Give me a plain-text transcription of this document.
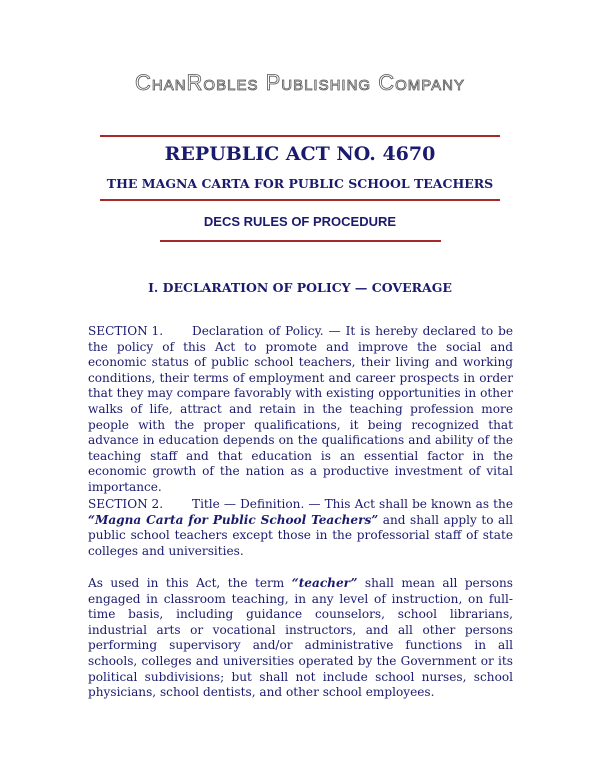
ChanRobles Publishing Company
REPUBLIC ACT NO. 4670
THE MAGNA CARTA FOR PUBLIC SCHOOL TEACHERS
DECS RULES OF PROCEDURE
I. DECLARATION OF POLICY — COVERAGE
SECTION 1. Declaration of Policy. — It is hereby declared to be the policy of this Act to promote and improve the social and economic status of public school teachers, their living and working conditions, their terms of employment and career prospects in order that they may compare favorably with existing opportunities in other walks of life, attract and retain in the teaching profession more people with the proper qualifications, it being recognized that advance in education depends on the qualifications and ability of the teaching staff and that education is an essential factor in the economic growth of the nation as a productive investment of vital importance.
SECTION 2. Title — Definition. — This Act shall be known as the “Magna Carta for Public School Teachers” and shall apply to all public school teachers except those in the professorial staff of state colleges and universities.
As used in this Act, the term “teacher” shall mean all persons engaged in classroom teaching, in any level of instruction, on full-time basis, including guidance counselors, school librarians, industrial arts or vocational instructors, and all other persons performing supervisory and/or administrative functions in all schools, colleges and universities operated by the Government or its political subdivisions; but shall not include school nurses, school physicians, school dentists, and other school employees.
